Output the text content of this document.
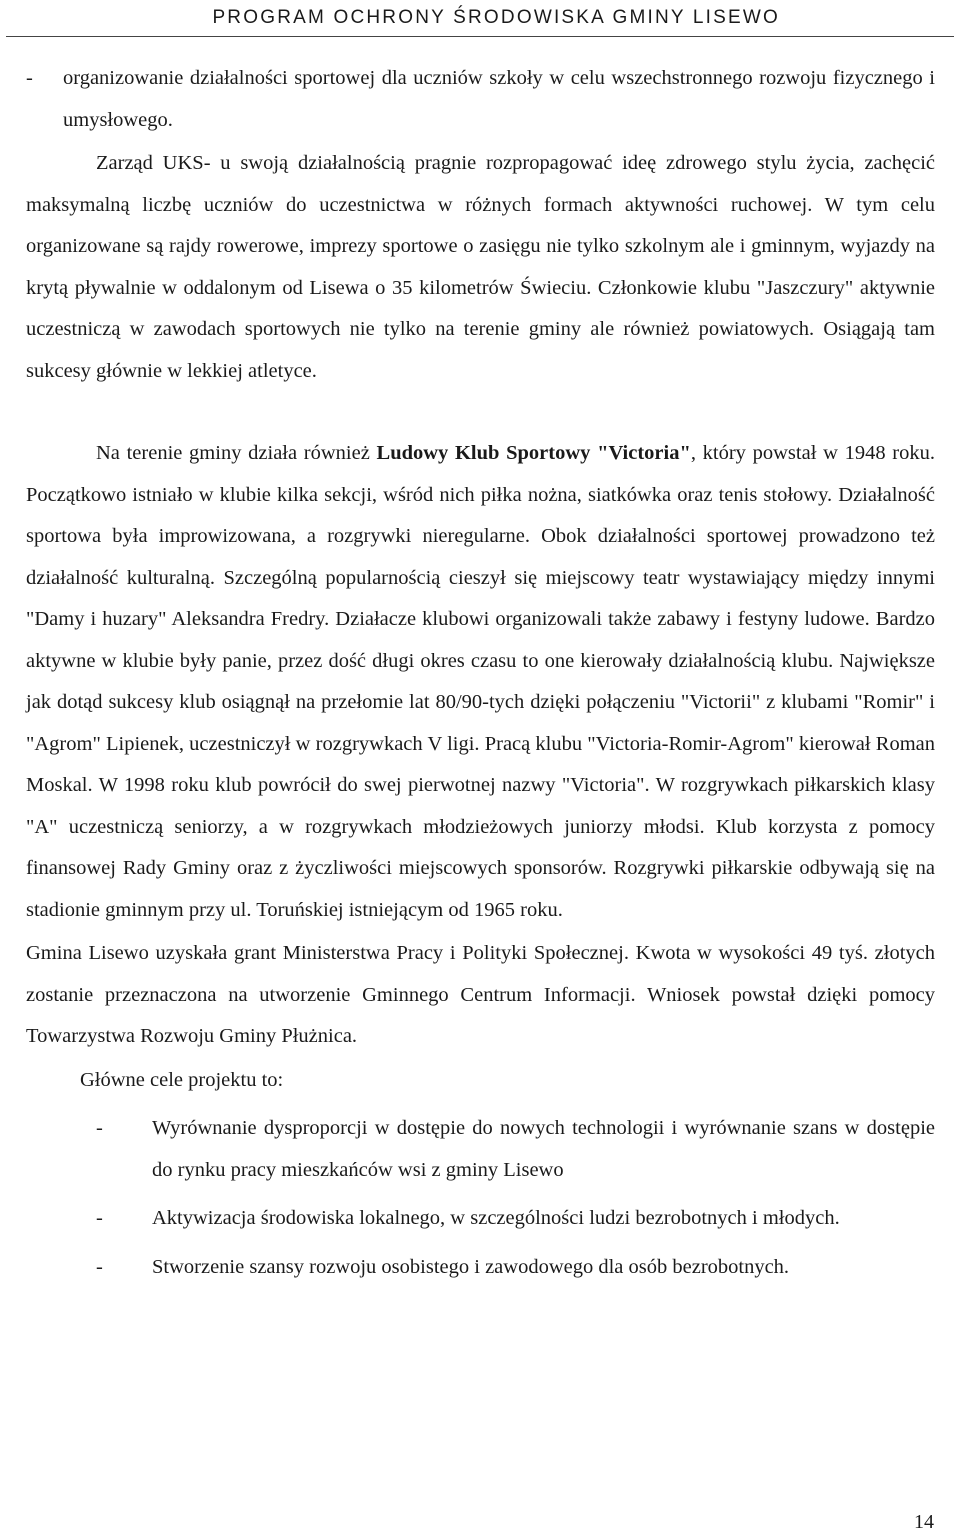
PROGRAM OCHRONY ŚRODOWISKA GMINY LISEWO
-	organizowanie działalności sportowej dla uczniów szkoły w celu wszechstronnego rozwoju fizycznego i umysłowego.

Zarząd UKS- u swoją działalnością pragnie rozpropagować ideę zdrowego stylu życia, zachęcić maksymalną liczbę uczniów do uczestnictwa w różnych formach aktywności ruchowej. W tym celu organizowane są rajdy rowerowe, imprezy sportowe o zasięgu nie tylko szkolnym ale i gminnym, wyjazdy na krytą pływalnie w oddalonym od Lisewa o 35 kilometrów Świeciu. Członkowie klubu "Jaszczury" aktywnie uczestniczą w zawodach sportowych nie tylko na terenie gminy ale również powiatowych. Osiągają tam sukcesy głównie w lekkiej atletyce.

Na terenie gminy działa również Ludowy Klub Sportowy "Victoria", który powstał w 1948 roku. Początkowo istniało w klubie kilka sekcji, wśród nich piłka nożna, siatkówka oraz tenis stołowy. Działalność sportowa była improwizowana, a rozgrywki nieregularne. Obok działalności sportowej prowadzono też działalność kulturalną. Szczególną popularnością cieszył się miejscowy teatr wystawiający między innymi "Damy i huzary" Aleksandra Fredry. Działacze klubowi organizowali także zabawy i festyny ludowe. Bardzo aktywne w klubie były panie, przez dość długi okres czasu to one kierowały działalnością klubu. Największe jak dotąd sukcesy klub osiągnął na przełomie lat 80/90-tych dzięki połączeniu "Victorii" z klubami "Romir" i "Agrom" Lipienek, uczestniczył w rozgrywkach V ligi. Pracą klubu "Victoria-Romir-Agrom" kierował Roman Moskal. W 1998 roku klub powrócił do swej pierwotnej nazwy "Victoria". W rozgrywkach piłkarskich klasy "A" uczestniczą seniorzy, a w rozgrywkach młodzieżowych juniorzy młodsi. Klub korzysta z pomocy finansowej Rady Gminy oraz z życzliwości miejscowych sponsorów. Rozgrywki piłkarskie odbywają się na stadionie gminnym przy ul. Toruńskiej istniejącym od 1965 roku.

Gmina Lisewo uzyskała grant Ministerstwa Pracy i Polityki Społecznej. Kwota w wysokości 49 tyś. złotych zostanie przeznaczona na utworzenie Gminnego Centrum Informacji. Wniosek powstał dzięki pomocy Towarzystwa Rozwoju Gminy Płużnica.

Główne cele projektu to:

-	Wyrównanie dysproporcji w dostępie do nowych technologii i wyrównanie szans w dostępie do rynku pracy mieszkańców wsi z gminy Lisewo
-	Aktywizacja środowiska lokalnego, w szczególności ludzi bezrobotnych i młodych.
-	Stworzenie szansy rozwoju osobistego i zawodowego dla osób bezrobotnych.
14
